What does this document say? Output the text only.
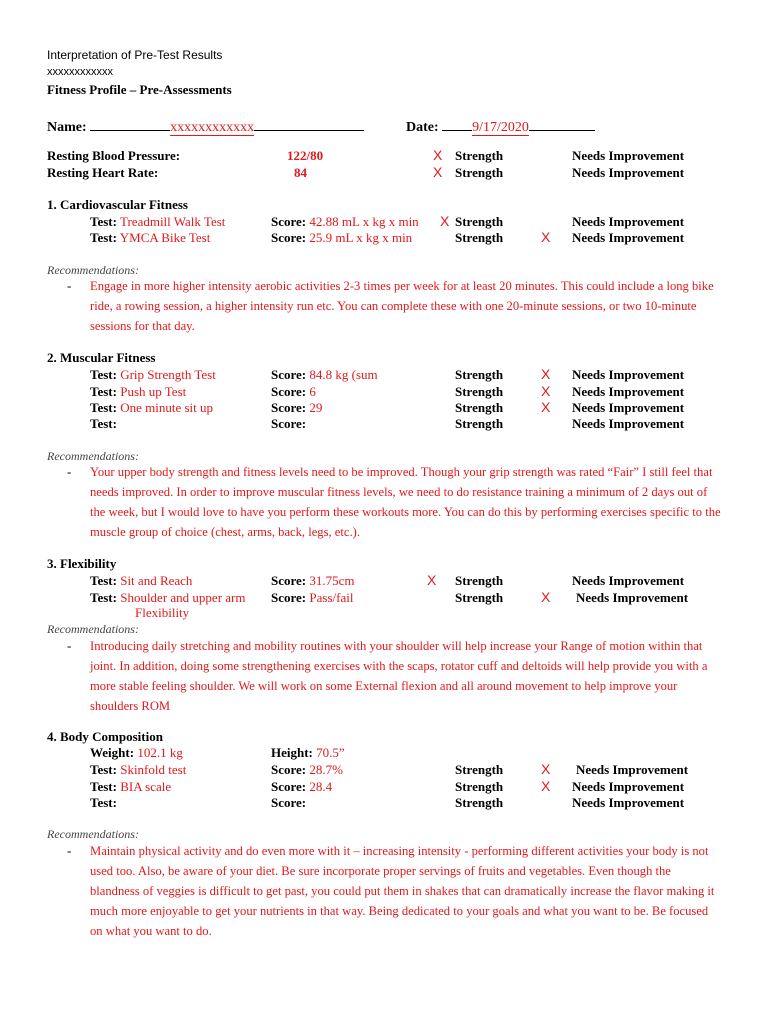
Interpretation of Pre-Test Results
xxxxxxxxxxxx
Fitness Profile – Pre-Assessments
Name:	xxxxxxxxxxxx	Date: 9/17/2020
Resting Blood Pressure:	122/80	X Strength	Needs Improvement
Resting Heart Rate:	84	X Strength	Needs Improvement
1. Cardiovascular Fitness
Test: Treadmill Walk Test	Score: 42.88 mL x kg x min X Strength	Needs Improvement
Test: YMCA Bike Test	Score: 25.9 mL x kg x min	Strength	X Needs Improvement
Recommendations:
- Engage in more higher intensity aerobic activities 2-3 times per week for at least 20 minutes. This could include a long bike ride, a rowing session, a higher intensity run etc. You can complete these with one 20-minute sessions, or two 10-minute sessions for that day.
2. Muscular Fitness
Test: Grip Strength Test	Score: 84.8 kg (sum	Strength	X Needs Improvement
Test: Push up Test	Score: 6	Strength	X Needs Improvement
Test: One minute sit up	Score: 29	Strength	X Needs Improvement
Test:	Score:	Strength	Needs Improvement
Recommendations:
- Your upper body strength and fitness levels need to be improved. Though your grip strength was rated “Fair” I still feel that needs improved. In order to improve muscular fitness levels, we need to do resistance training a minimum of 2 days out of the week, but I would love to have you perform these workouts more. You can do this by performing exercises specific to the muscle group of choice (chest, arms, back, legs, etc.).
3. Flexibility
Test: Sit and Reach	Score: 31.75cm	X Strength	Needs Improvement
Test: Shoulder and upper arm
Flexibility
Score: Pass/fail	Strength	X Needs Improvement
Recommendations:
- Introducing daily stretching and mobility routines with your shoulder will help increase your Range of motion within that joint. In addition, doing some strengthening exercises with the scaps, rotator cuff and deltoids will help provide you with a more stable feeling shoulder. We will work on some External flexion and all around movement to help improve your shoulders ROM
4. Body Composition
Weight: 102.1 kg	Height: 70.5”
Test: Skinfold test	Score: 28.7%	Strength	X Needs Improvement
Test: BIA scale	Score: 28.4	Strength	X Needs Improvement
Test:	Score:	Strength	Needs Improvement
Recommendations:
- Maintain physical activity and do even more with it – increasing intensity - performing different activities your body is not used too. Also, be aware of your diet. Be sure incorporate proper servings of fruits and vegetables. Even though the blandness of veggies is difficult to get past, you could put them in shakes that can dramatically increase the flavor making it much more enjoyable to get your nutrients in that way. Being dedicated to your goals and what you want to be. Be focused on what you want to do.
